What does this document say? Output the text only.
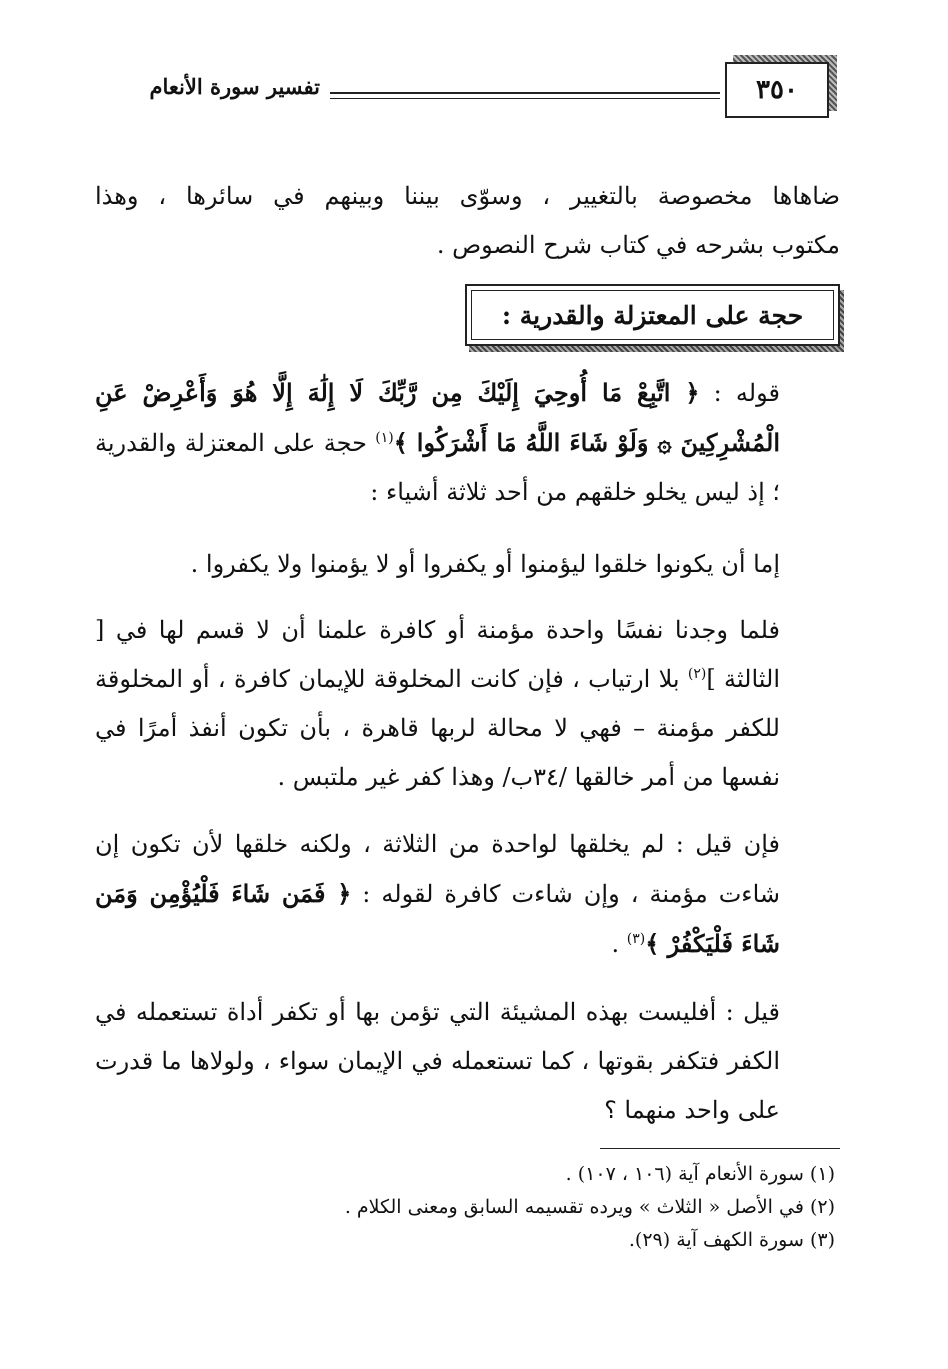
٣٥٠
تفسير سورة الأنعام
ضاهاها مخصوصة بالتغيير ، وسوّى بيننا وبينهم في سائرها ، وهذا
مكتوب بشرحه في كتاب شرح النصوص .
حجة على المعتزلة والقدرية :
قوله : ﴿ اتَّبِعْ مَا أُوحِيَ إِلَيْكَ مِن رَّبِّكَ لَا إِلَٰهَ إِلَّا هُوَ وَأَعْرِضْ عَنِ الْمُشْرِكِينَ ۞ وَلَوْ شَاءَ اللَّهُ مَا أَشْرَكُوا ﴾$^{(١)}$ حجة على المعتزلة والقدرية ؛ إذ ليس يخلو خلقهم من أحد ثلاثة أشياء :
إما أن يكونوا خلقوا ليؤمنوا أو يكفروا أو لا يؤمنوا ولا يكفروا .
فلما وجدنا نفسًا واحدة مؤمنة أو كافرة علمنا أن لا قسم لها في [ الثالثة ]$^{(٢)}$ بلا ارتياب ، فإن كانت المخلوقة للإيمان كافرة ، أو المخلوقة للكفر مؤمنة – فهي لا محالة لربها قاهرة ، بأن تكون أنفذ أمرًا في نفسها من أمر خالقها /٣٤ب/ وهذا كفر غير ملتبس .
فإن قيل : لم يخلقها لواحدة من الثلاثة ، ولكنه خلقها لأن تكون إن شاءت مؤمنة ، وإن شاءت كافرة لقوله : ﴿ فَمَن شَاءَ فَلْيُؤْمِن وَمَن شَاءَ فَلْيَكْفُرْ ﴾$^{(٣)}$ .
قيل : أفليست بهذه المشيئة التي تؤمن بها أو تكفر أداة تستعمله في الكفر فتكفر بقوتها ، كما تستعمله في الإيمان سواء ، ولولاها ما قدرت على واحد منهما ؟
(١) سورة الأنعام آية (١٠٦ ، ١٠٧) .
(٢) في الأصل « الثلاث » ويرده تقسيمه السابق ومعنى الكلام .
(٣) سورة الكهف آية (٢٩).
